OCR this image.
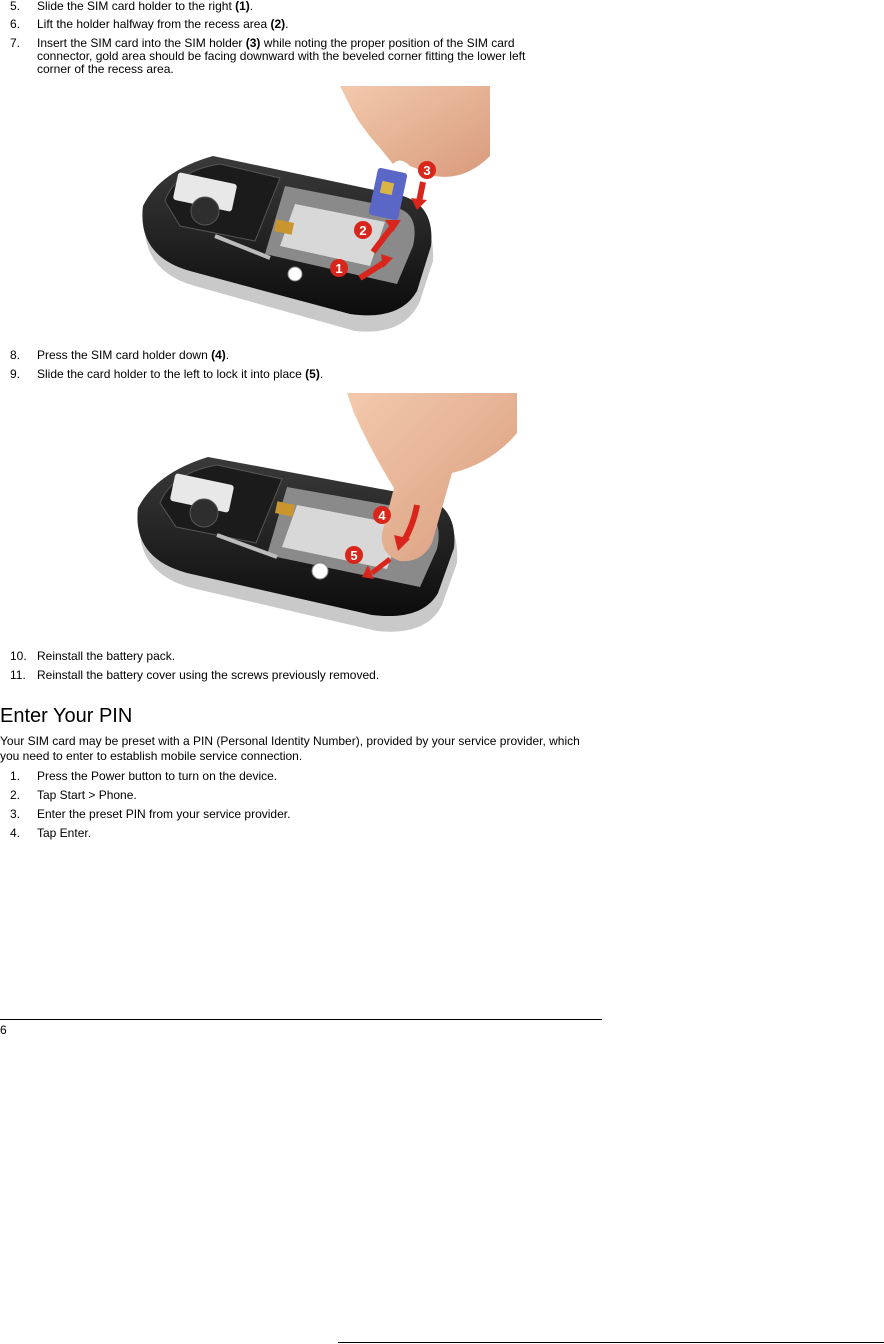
5. Slide the SIM card holder to the right (1).
6. Lift the holder halfway from the recess area (2).
7. Insert the SIM card into the SIM holder (3) while noting the proper position of the SIM card connector, gold area should be facing downward with the beveled corner fitting the lower left corner of the recess area.
1
2
3
8. Press the SIM card holder down (4).
9. Slide the card holder to the left to lock it into place (5).
4
5
10. Reinstall the battery pack.
11. Reinstall the battery cover using the screws previously removed.
Enter Your PIN

Your SIM card may be preset with a PIN (Personal Identity Number), provided by your service provider, which you need to enter to establish mobile service connection.

1. Press the Power button to turn on the device.
2. Tap Start > Phone.
3. Enter the preset PIN from your service provider.
4. Tap Enter.
6
